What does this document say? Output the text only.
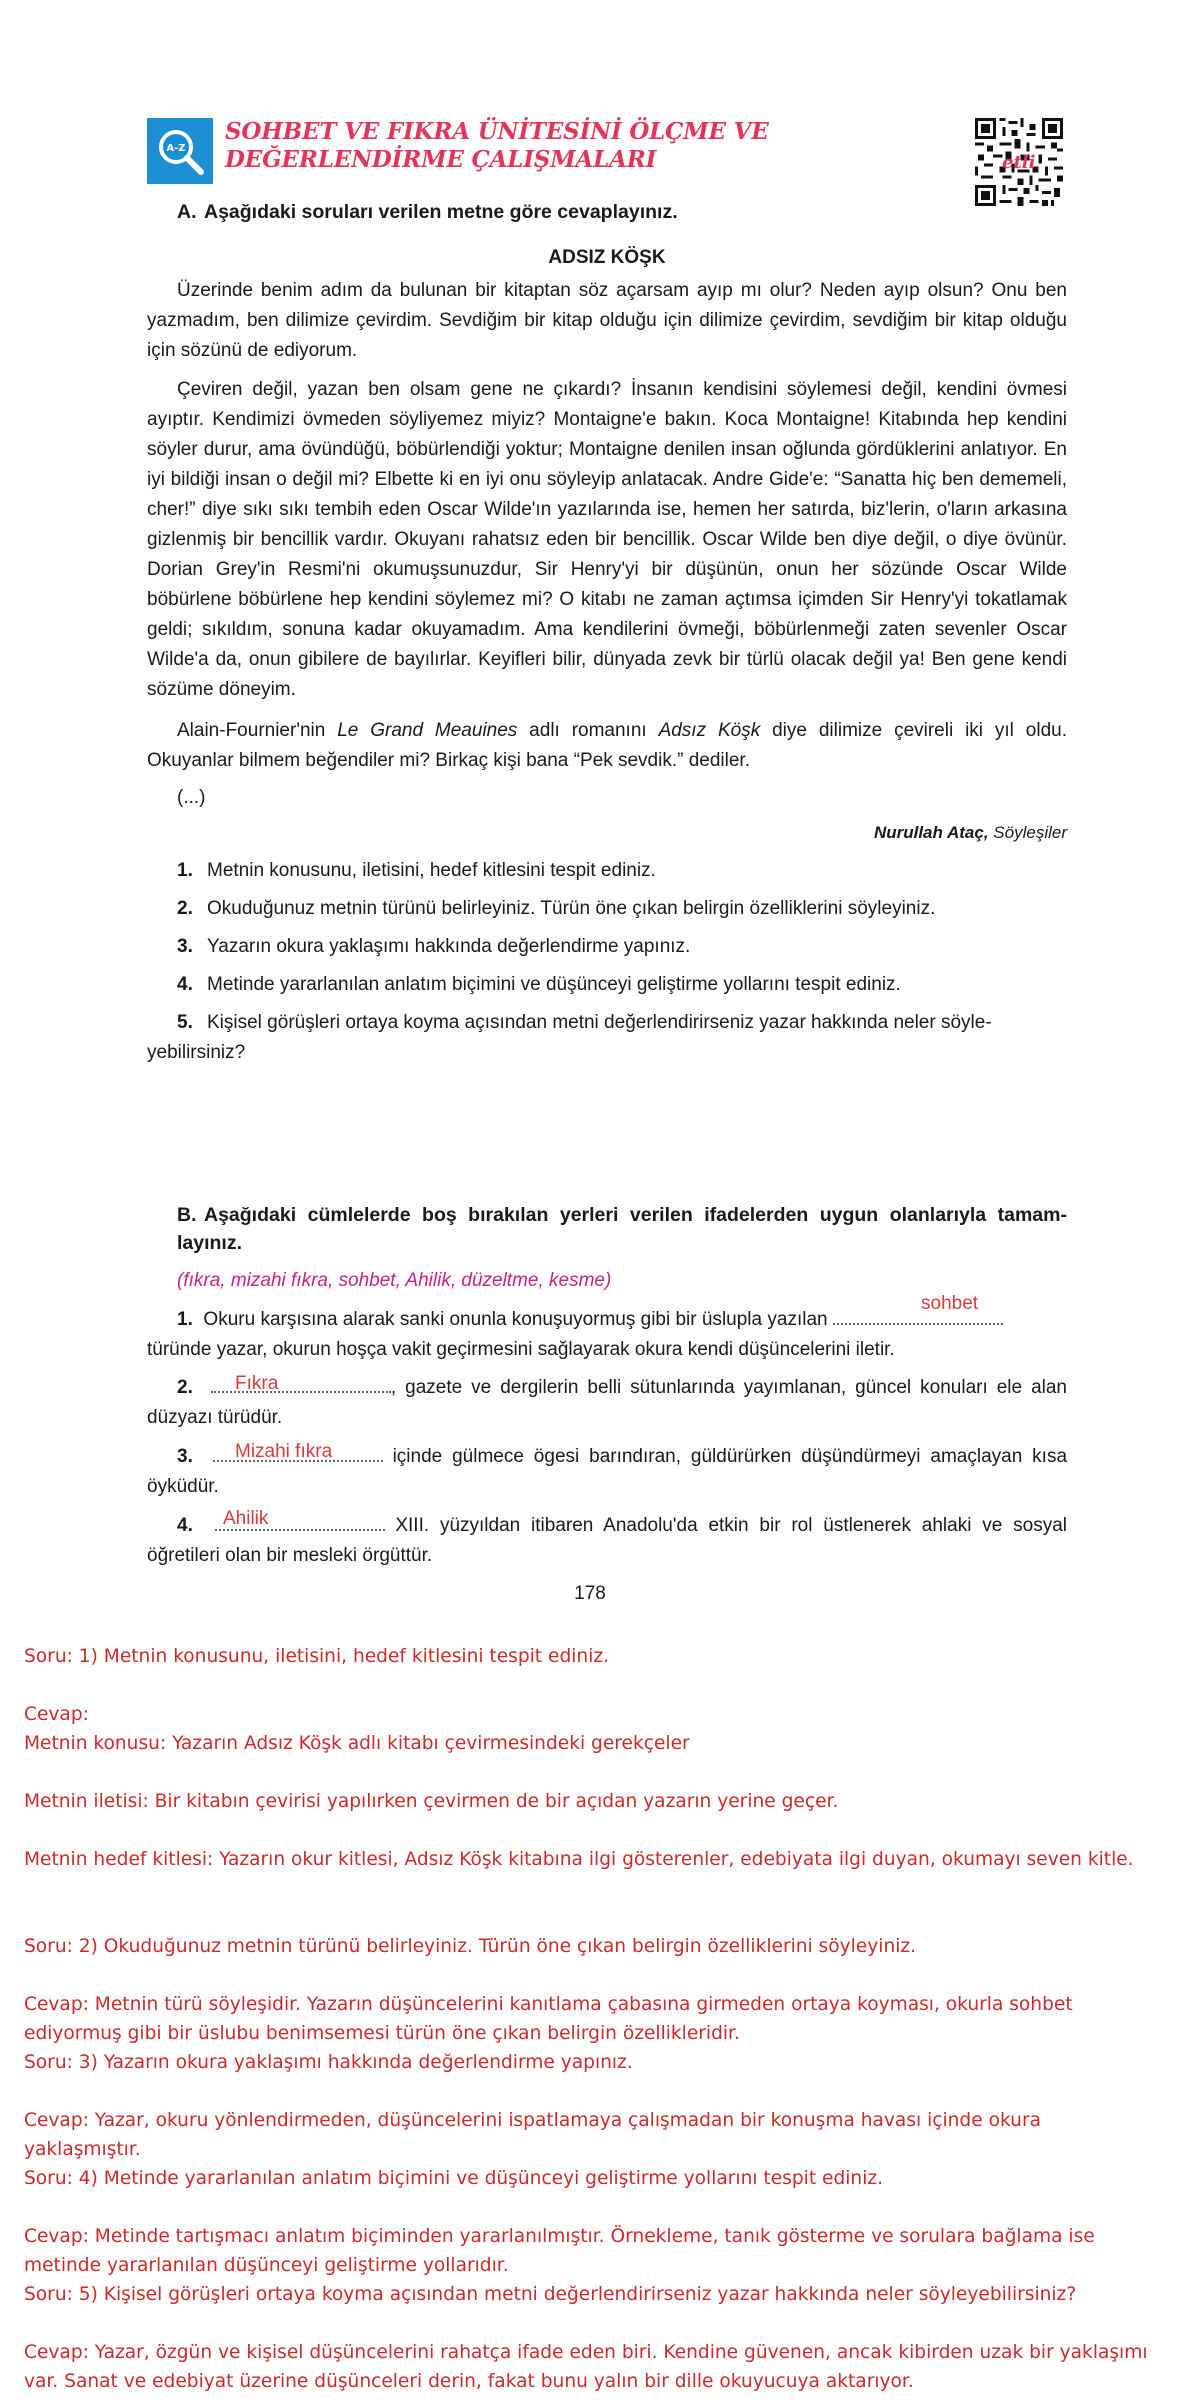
A-Z
SOHBET VE FIKRA ÜNİTESİNİ ÖLÇME VE
DEĞERLENDİRME ÇALIŞMALARI	etli
A. Aşağıdaki soruları verilen metne göre cevaplayınız.
ADSIZ KÖŞK
Üzerinde benim adım da bulunan bir kitaptan söz açarsam ayıp mı olur? Neden ayıp olsun? Onu ben yazmadım, ben dilimize çevirdim. Sevdiğim bir kitap olduğu için dilimize çevirdim, sevdiğim bir kitap olduğu için sözünü de ediyorum.
Çeviren değil, yazan ben olsam gene ne çıkardı? İnsanın kendisini söylemesi değil, kendini övmesi ayıptır. Kendimizi övmeden söyliyemez miyiz? Montaigne'e bakın. Koca Montaigne! Kitabında hep kendini söyler durur, ama övündüğü, böbürlendiği yoktur; Montaigne denilen insan oğlunda gördüklerini anlatıyor. En iyi bildiği insan o değil mi? Elbette ki en iyi onu söyleyip anlatacak. Andre Gide'e: “Sanatta hiç ben dememeli, cher!” diye sıkı sıkı tembih eden Oscar Wilde'ın yazılarında ise, hemen her satırda, biz'lerin, o'ların arkasına gizlenmiş bir bencillik vardır. Okuyanı rahatsız eden bir bencillik. Oscar Wilde ben diye değil, o diye övünür. Dorian Grey'in Resmi'ni okumuşsunuzdur, Sir Henry'yi bir düşünün, onun her sözünde Oscar Wilde böbürlene böbürlene hep kendini söylemez mi? O kitabı ne zaman açtımsa içimden Sir Henry'yi tokatlamak geldi; sıkıldım, sonuna kadar okuyamadım. Ama kendilerini övmeği, böbürlenmeği zaten sevenler Oscar Wilde'a da, onun gibilere de bayılırlar. Keyifleri bilir, dünyada zevk bir türlü olacak değil ya! Ben gene kendi sözüme döneyim.
Alain-Fournier'nin Le Grand Meauines adlı romanını Adsız Köşk diye dilimize çevireli iki yıl oldu. Okuyanlar bilmem beğendiler mi? Birkaç kişi bana “Pek sevdik.” dediler.
(...)
Nurullah Ataç, Söyleşiler
1. Metnin konusunu, iletisini, hedef kitlesini tespit ediniz.
2. Okuduğunuz metnin türünü belirleyiniz. Türün öne çıkan belirgin özelliklerini söyleyiniz.
3. Yazarın okura yaklaşımı hakkında değerlendirme yapınız.
4. Metinde yararlanılan anlatım biçimini ve düşünceyi geliştirme yollarını tespit ediniz.
5. Kişisel görüşleri ortaya koyma açısından metni değerlendirirseniz yazar hakkında neler söyle-yebilirsiniz?
B. Aşağıdaki cümlelerde boş bırakılan yerleri verilen ifadelerden uygun olanlarıyla tamam-layınız.
(fıkra, mizahi fıkra, sohbet, Ahilik, düzeltme, kesme)
1. Okuru karşısına alarak sanki onunla konuşuyormuş gibi bir üslupla yazılan
türünde yazar, okurun hoşça vakit geçirmesini sağlayarak okura kendi düşüncelerini iletir.
sohbet
2.	, gazete ve dergilerin belli sütunlarında yayımlanan, güncel konuları ele alan düzyazı türüdür.
Fıkra
3.	içinde gülmece ögesi barındıran, güldürürken düşündürmeyi amaçlayan kısa öyküdür.
Mizahi fıkra
4.	XIII. yüzyıldan itibaren Anadolu'da etkin bir rol üstlenerek ahlaki ve sosyal öğretileri olan bir mesleki örgüttür.
Ahilik
178
Soru: 1) Metnin konusunu, iletisini, hedef kitlesini tespit ediniz.
Cevap:
Metnin konusu: Yazarın Adsız Köşk adlı kitabı çevirmesindeki gerekçeler
Metnin iletisi: Bir kitabın çevirisi yapılırken çevirmen de bir açıdan yazarın yerine geçer.
Metnin hedef kitlesi: Yazarın okur kitlesi, Adsız Köşk kitabına ilgi gösterenler, edebiyata ilgi duyan, okumayı seven kitle.
Soru: 2) Okuduğunuz metnin türünü belirleyiniz. Türün öne çıkan belirgin özelliklerini söyleyiniz.
Cevap: Metnin türü söyleşidir. Yazarın düşüncelerini kanıtlama çabasına girmeden ortaya koyması, okurla sohbet ediyormuş gibi bir üslubu benimsemesi türün öne çıkan belirgin özellikleridir.
Soru: 3) Yazarın okura yaklaşımı hakkında değerlendirme yapınız.
Cevap: Yazar, okuru yönlendirmeden, düşüncelerini ispatlamaya çalışmadan bir konuşma havası içinde okura yaklaşmıştır.
Soru: 4) Metinde yararlanılan anlatım biçimini ve düşünceyi geliştirme yollarını tespit ediniz.
Cevap: Metinde tartışmacı anlatım biçiminden yararlanılmıştır. Örnekleme, tanık gösterme ve sorulara bağlama ise metinde yararlanılan düşünceyi geliştirme yollarıdır.
Soru: 5) Kişisel görüşleri ortaya koyma açısından metni değerlendirirseniz yazar hakkında neler söyleyebilirsiniz?
Cevap: Yazar, özgün ve kişisel düşüncelerini rahatça ifade eden biri. Kendine güvenen, ancak kibirden uzak bir yaklaşımı var. Sanat ve edebiyat üzerine düşünceleri derin, fakat bunu yalın bir dille okuyucuya aktarıyor.
